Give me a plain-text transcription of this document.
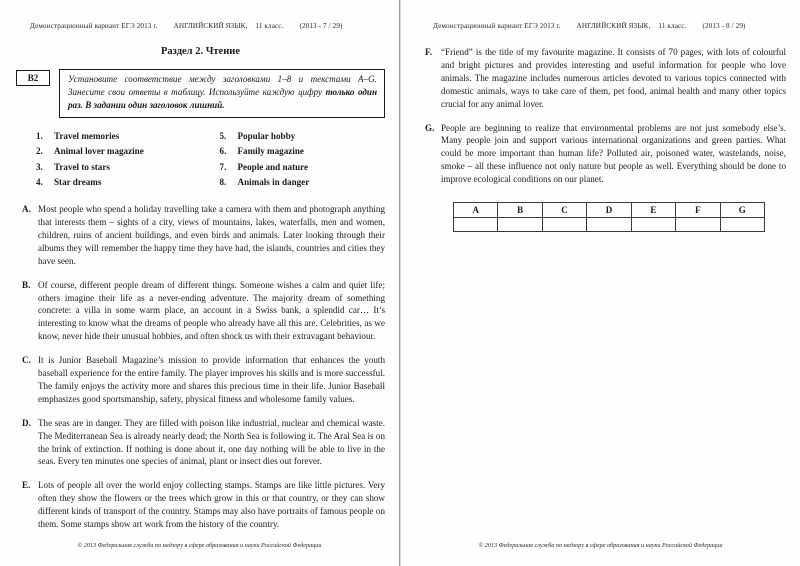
Демонстрационный вариант ЕГЭ 2013 г. АНГЛИЙСКИЙ ЯЗЫК, 11 класс. (2013 - 7 / 29)
Раздел 2. Чтение
B2	Установите соответствие между заголовками 1–8 и текстами A–G. Занесите свои ответы в таблицу. Используйте каждую цифру только один раз. В задании один заголовок лишний.
1.	Travel memories	5.	Popular hobby
2.	Animal lover magazine	6.	Family magazine
3.	Travel to stars	7.	People and nature
4.	Star dreams	8.	Animals in danger
A. Most people who spend a holiday travelling take a camera with them and photograph anything that interests them – sights of a city, views of mountains, lakes, waterfalls, men and women, children, ruins of ancient buildings, and even birds and animals. Later looking through their albums they will remember the happy time they have had, the islands, countries and cities they have seen.
B. Of course, different people dream of different things. Someone wishes a calm and quiet life; others imagine their life as a never-ending adventure. The majority dream of something concrete: a villa in some warm place, an account in a Swiss bank, a splendid car… It’s interesting to know what the dreams of people who already have all this are. Celebrities, as we know, never hide their unusual hobbies, and often shock us with their extravagant behaviour.
C. It is Junior Baseball Magazine’s mission to provide information that enhances the youth baseball experience for the entire family. The player improves his skills and is more successful. The family enjoys the activity more and shares this precious time in their life. Junior Baseball emphasizes good sportsmanship, safety, physical fitness and wholesome family values.
D. The seas are in danger. They are filled with poison like industrial, nuclear and chemical waste. The Mediterranean Sea is already nearly dead; the North Sea is following it. The Aral Sea is on the brink of extinction. If nothing is done about it, one day nothing will be able to live in the seas. Every ten minutes one species of animal, plant or insect dies out forever.
E. Lots of people all over the world enjoy collecting stamps. Stamps are like little pictures. Very often they show the flowers or the trees which grow in this or that country, or they can show different kinds of transport of the country. Stamps may also have portraits of famous people on them. Some stamps show art work from the history of the country.
© 2013 Федеральная служба по надзору в сфере образования и науки Российской Федерации
Демонстрационный вариант ЕГЭ 2013 г. АНГЛИЙСКИЙ ЯЗЫК, 11 класс. (2013 - 8 / 29)
F. “Friend” is the title of my favourite magazine. It consists of 70 pages, with lots of colourful and bright pictures and provides interesting and useful information for people who love animals. The magazine includes numerous articles devoted to various topics connected with domestic animals, ways to take care of them, pet food, animal health and many other topics crucial for any animal lover.
G. People are beginning to realize that environmental problems are not just somebody else’s. Many people join and support various international organizations and green parties. What could be more important than human life? Polluted air, poisoned water, wastelands, noise, smoke – all these influence not only nature but people as well. Everything should be done to improve ecological conditions on our planet.
A	B	C	D	E	F	G

© 2013 Федеральная служба по надзору в сфере образования и науки Российской Федерации
